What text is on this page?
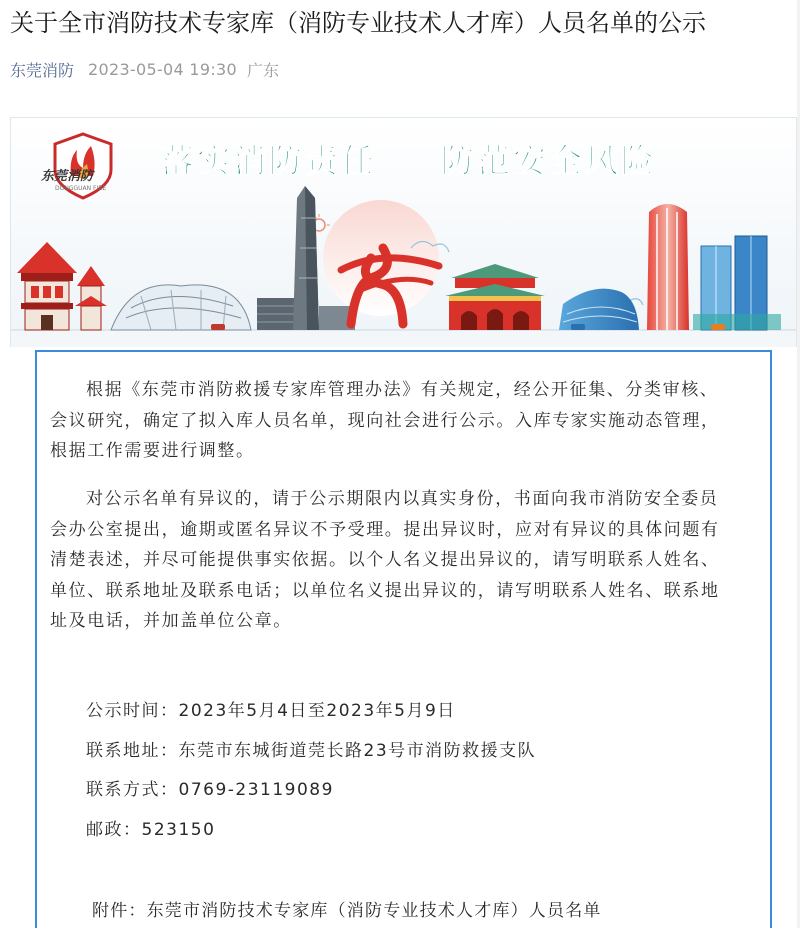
关于全市消防技术专家库（消防专业技术人才库）人员名单的公示
东莞消防 2023-05-04 19:30 广东
东莞消防
DONGGUAN FIRE
落实消防责任 防范安全风险

根据《东莞市消防救援专家库管理办法》有关规定，经公开征集、分类审核、会议研究，确定了拟入库人员名单，现向社会进行公示。入库专家实施动态管理，根据工作需要进行调整。

对公示名单有异议的，请于公示期限内以真实身份，书面向我市消防安全委员会办公室提出，逾期或匿名异议不予受理。提出异议时，应对有异议的具体问题有清楚表述，并尽可能提供事实依据。以个人名义提出异议的，请写明联系人姓名、单位、联系地址及联系电话；以单位名义提出异议的，请写明联系人姓名、联系地址及电话，并加盖单位公章。

公示时间：2023年5月4日至2023年5月9日
联系地址：东莞市东城街道莞长路23号市消防救援支队
联系方式：0769-23119089
邮政：523150
附件：东莞市消防技术专家库（消防专业技术人才库）人员名单
